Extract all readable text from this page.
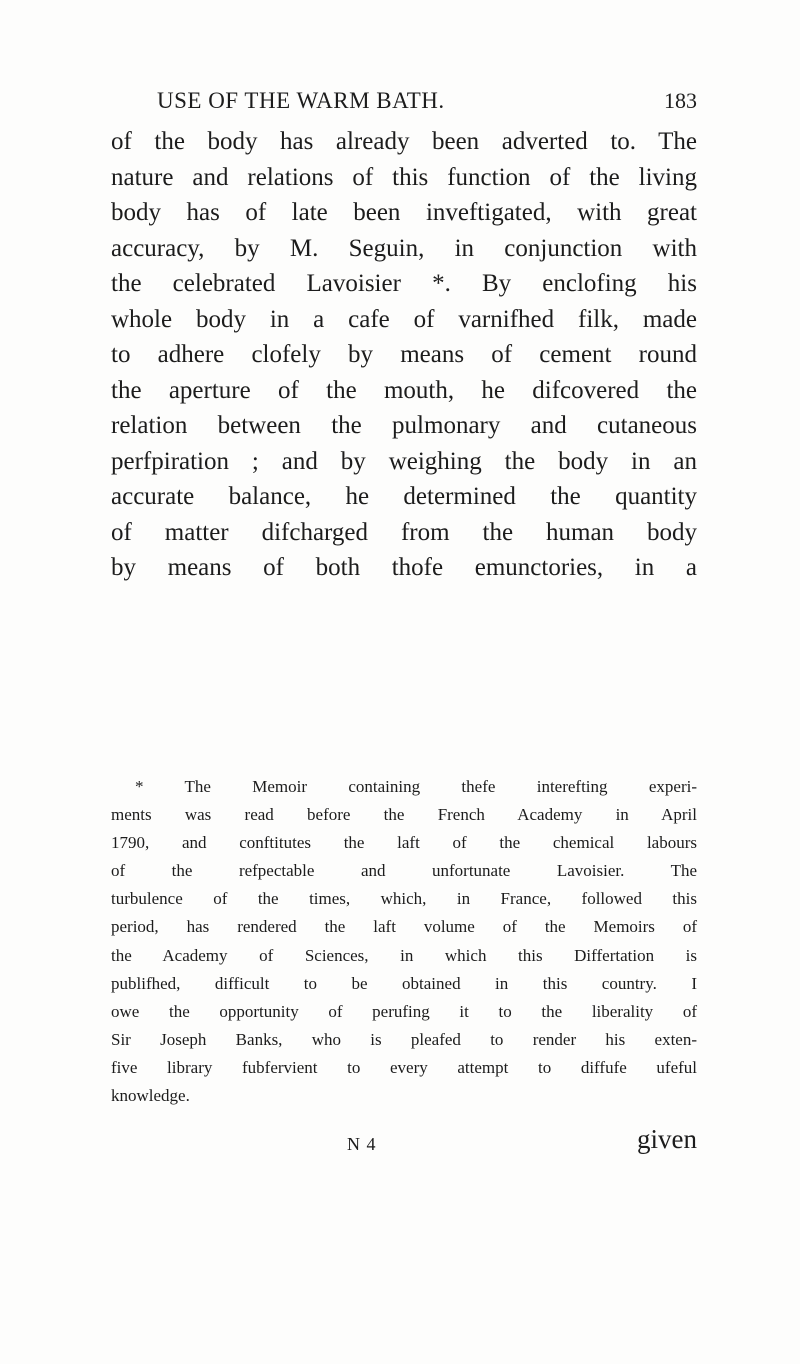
USE OF THE WARM BATH.	183
of the body has already been adverted to. The
nature and relations of this function of the living
body has of late been inveftigated, with great
accuracy, by M. Seguin, in conjunction with
the celebrated Lavoisier *. By enclofing his
whole body in a cafe of varnifhed filk, made
to adhere clofely by means of cement round
the aperture of the mouth, he difcovered the
relation between the pulmonary and cutaneous
perfpiration ; and by weighing the body in an
accurate balance, he determined the quantity
of matter difcharged from the human body
by means of both thofe emunctories, in a
* The Memoir containing thefe interefting experi-
ments was read before the French Academy in April
1790, and conftitutes the laft of the chemical labours
of the refpectable and unfortunate Lavoisier. The
turbulence of the times, which, in France, followed this
period, has rendered the laft volume of the Memoirs of
the Academy of Sciences, in which this Differtation is
publifhed, difficult to be obtained in this country. I
owe the opportunity of perufing it to the liberality of
Sir Joseph Banks, who is pleafed to render his exten-
five library fubfervient to every attempt to diffufe ufeful
knowledge.
N 4	given
